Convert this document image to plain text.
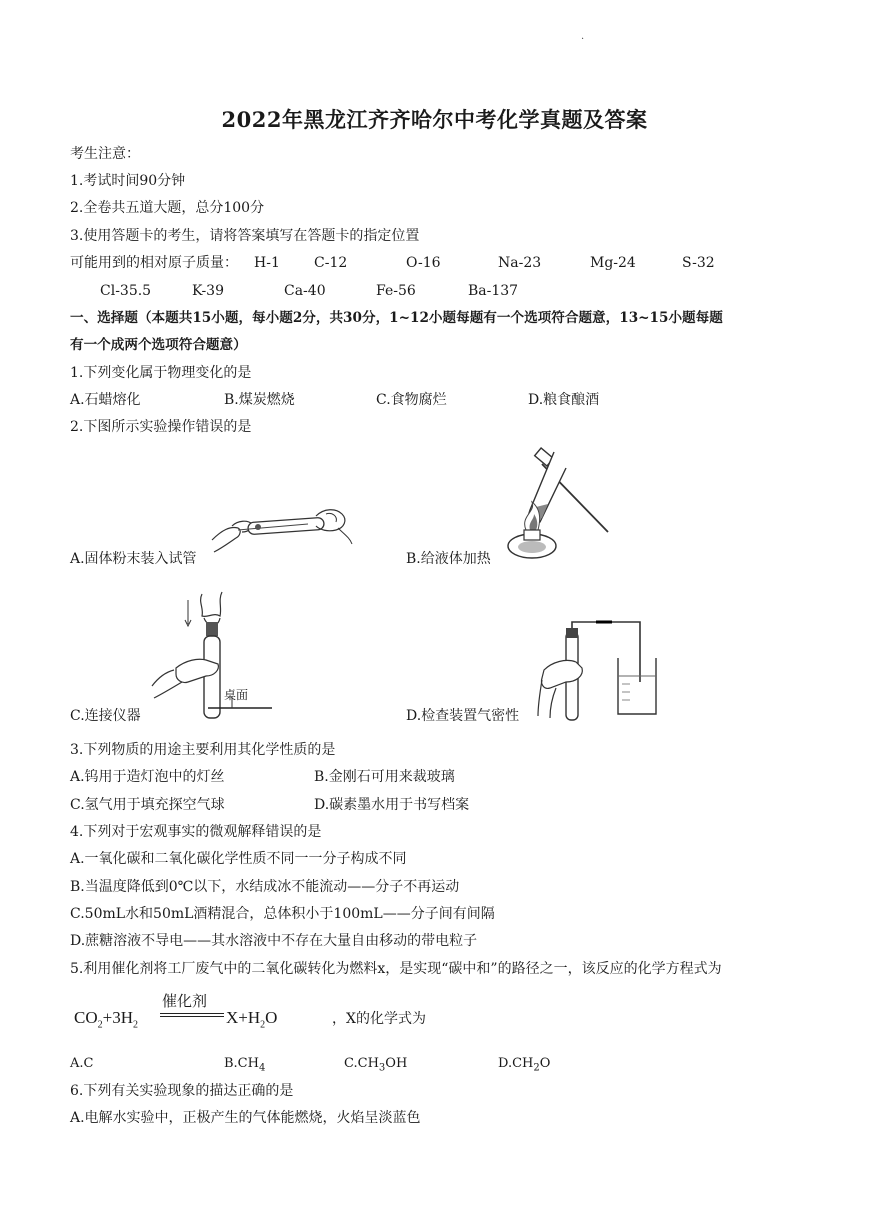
·
2022年黑龙江齐齐哈尔中考化学真题及答案
考生注意：
1.考试时间90分钟
2.全卷共五道大题，总分100分
3.使用答题卡的考生，请将答案填写在答题卡的指定位置
可能用到的相对原子质量： H-1 C-12	O-16	Na-23	Mg-24	S-32
Cl-35.5	K-39	Ca-40	Fe-56	Ba-137
一、选择题（本题共15小题，每小题2分，共30分，1~12小题每题有一个选项符合题意，13~15小题每题
有一个成两个选项符合题意）
1.下列变化属于物理变化的是
A.石蜡熔化	B.煤炭燃烧	C.食物腐烂	D.粮食酿酒
2.下图所示实验操作错误的是
A.固体粉末装入试管	B.给液体加热
桌面
C.连接仪器	D.检查装置气密性
3.下列物质的用途主要利用其化学性质的是
A.钨用于造灯泡中的灯丝	B.金刚石可用来裁玻璃
C.氢气用于填充探空气球	D.碳素墨水用于书写档案
4.下列对于宏观事实的微观解释错误的是
A.一氧化碳和二氧化碳化学性质不同一一分子构成不同
B.当温度降低到0℃以下，水结成冰不能流动——分子不再运动
C.50mL水和50mL酒精混合，总体积小于100mL——分子间有间隔
D.蔗糖溶液不导电——其水溶液中不存在大量自由移动的带电粒子
5.利用催化剂将工厂废气中的二氧化碳转化为燃料x，是实现“碳中和”的路径之一，该反应的化学方程式为
$CO_2+3H_2$
催化剂
$X+H_2O$	，X的化学式为
A.C	$B.CH_4$	$C.CH_3OH$	$D.CH_2O$
6.下列有关实验现象的描达正确的是
A.电解水实验中，正极产生的气体能燃烧，火焰呈淡蓝色
